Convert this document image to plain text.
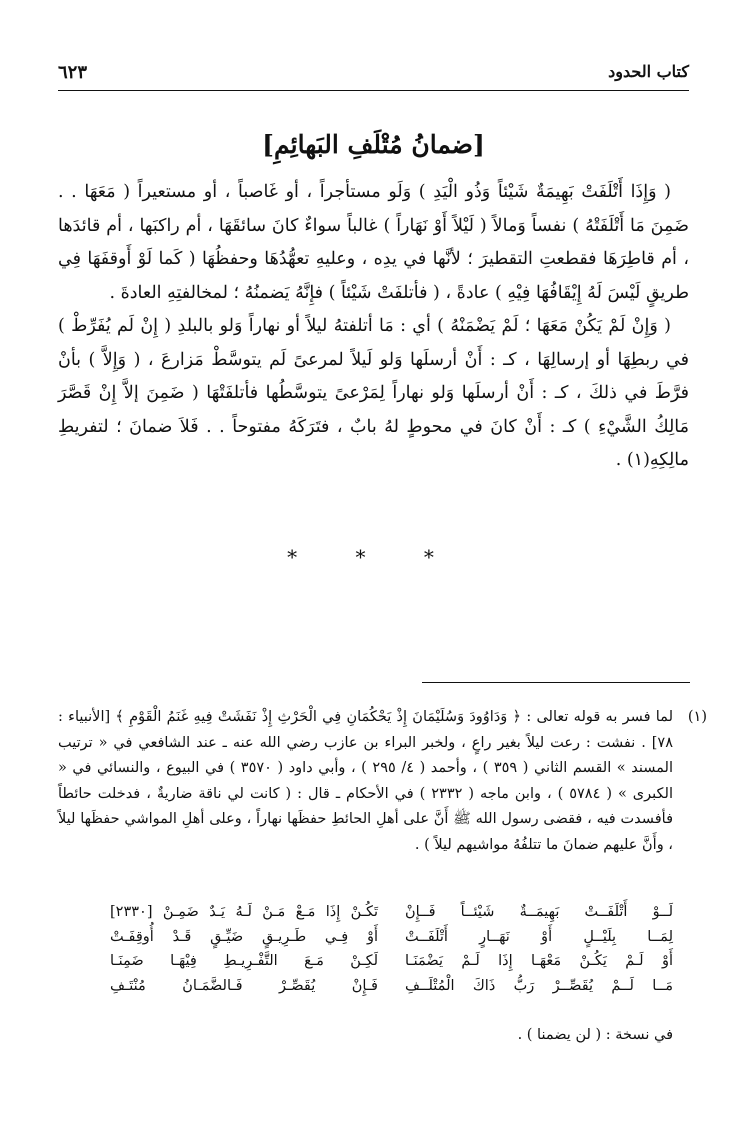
كتاب الحدود
٦٢٣
[ضمانُ مُتْلَفِ البَهائِمِ]

( وَإِذَا أَتْلَفَتْ بَهِيمَةٌ شَيْئاً وَذُو الْيَدِ ) وَلَو مستأجراً ، أو غَاصباً ، أو مستعيراً ( مَعَهَا . . ضَمِنَ مَا أَتْلَفَتْهُ ) نفساً وَمالاً ( لَيْلاً أَوْ نَهَاراً ) غالباً سواءٌ كانَ سائقَهَا ، أم راكبَها ، أم قائدَها ، أم قاطِرَهَا فقطعتِ التقطيرَ ؛ لأنَّها في يدِه ، وعليهِ تعهُّدُهَا وحفظُهَا ( كَما لَوْ أَوقفَهَا فِي طريقٍ لَيْسَ لَهُ إِيْقَافُهَا فِيْهِ ) عادةً ، ( فأتلفَتْ شَيْئاً ) فإِنَّهُ يَضمنُهُ ؛ لمخالفتِهِ العادةَ .

( وَإِنْ لَمْ يَكُنْ مَعَهَا ؛ لَمْ يَضْمَنْهُ ) أي : مَا أتلفتهُ ليلاً أو نهاراً وَلو بالبلدِ ( إِنْ لَم يُفَرِّطْ ) في ربطِهَا أو إرسالِهَا ، كـ : أَنْ أرسلَها وَلو لَيلاً لمرعىً لَم يتوسَّطْ مَزارعَ ، ( وَإِلاَّ ) بأنْ فرَّطَ في ذلكَ ، كـ : أَنْ أرسلَها وَلو نهاراً لِمَرْعىً يتوسَّطُها فأتلفَتْهَا ( ضَمِنَ إلاَّ إِنْ قَصَّرَ مَالِكُ الشَّيْءِ ) كـ : أَنْ كانَ في محوطٍ لهُ بابٌ ، فتَرَكَهُ مفتوحاً . . فَلاَ ضمانَ ؛ لتفريطِ مالِكِهِ(١) .

* * *
(١)
لما فسر به قوله تعالى : ﴿ وَدَاوُودَ وَسُلَيْمَانَ إِذْ يَحْكُمَانِ فِي الْحَرْثِ إِذْ نَفَشَتْ فِيهِ غَنَمُ الْقَوْمِ ﴾ [الأنبياء : ٧٨] . نفشت : رعت ليلاً بغير راعٍ ، ولخبر البراء بن عازب رضي الله عنه ـ عند الشافعي في « ترتيب المسند » القسم الثاني ( ٣٥٩ ) ، وأحمد ( ٤/ ٢٩٥ ) ، وأبي داود ( ٣٥٧٠ ) في البيوع ، والنسائي في « الكبرى » ( ٥٧٨٤ ) ، وابن ماجه ( ٢٣٣٢ ) في الأحكام ـ قال : ( كانت لي ناقة ضاريةٌ ، فدخلت حائطاً فأفسدت فيه ، فقضى رسول الله ﷺ أَنَّ على أهلِ الحائطِ حفظَها نهاراً ، وعلى أهلِ المواشي حفظَها ليلاً ، وأَنَّ عليهم ضمانَ ما تتلفُهُ مواشيهم ليلاً ) .
لَــوْ أَتْلَفَــتْ بَهِيمَــةٌ شَيْئــاً فَــإِنْ
لِمَــا بِلَيْــلٍ أَوْ نَهَــارٍ أَتْلَفَــتْ
أَوْ لَـمْ يَكُـنْ مَعْهَـا إِذَا لَـمْ يَضْمَنَـا
مَــا لَــمْ يُقَصِّــرْ رَبُّ ذَاكَ الْمُتْلَــفِ
تَكُـنْ إِذَا مَـعْ مَـنْ لَـهُ يَـدٌ ضَمِـنْ [٢٣٣٠]
أَوْ فِـي طَـرِيـقٍ ضَيِّـقٍ قَـدْ أُوقِفَـتْ
لَكِـنْ مَـعَ التَّفْـرِيـطِ فِيْهَـا ضَمِنَـا
فَـإِنْ يُقَصِّـرْ فَـالضَّمَـانُ مُنْتَـفِ
في نسخة : ( لن يضمنا ) .
